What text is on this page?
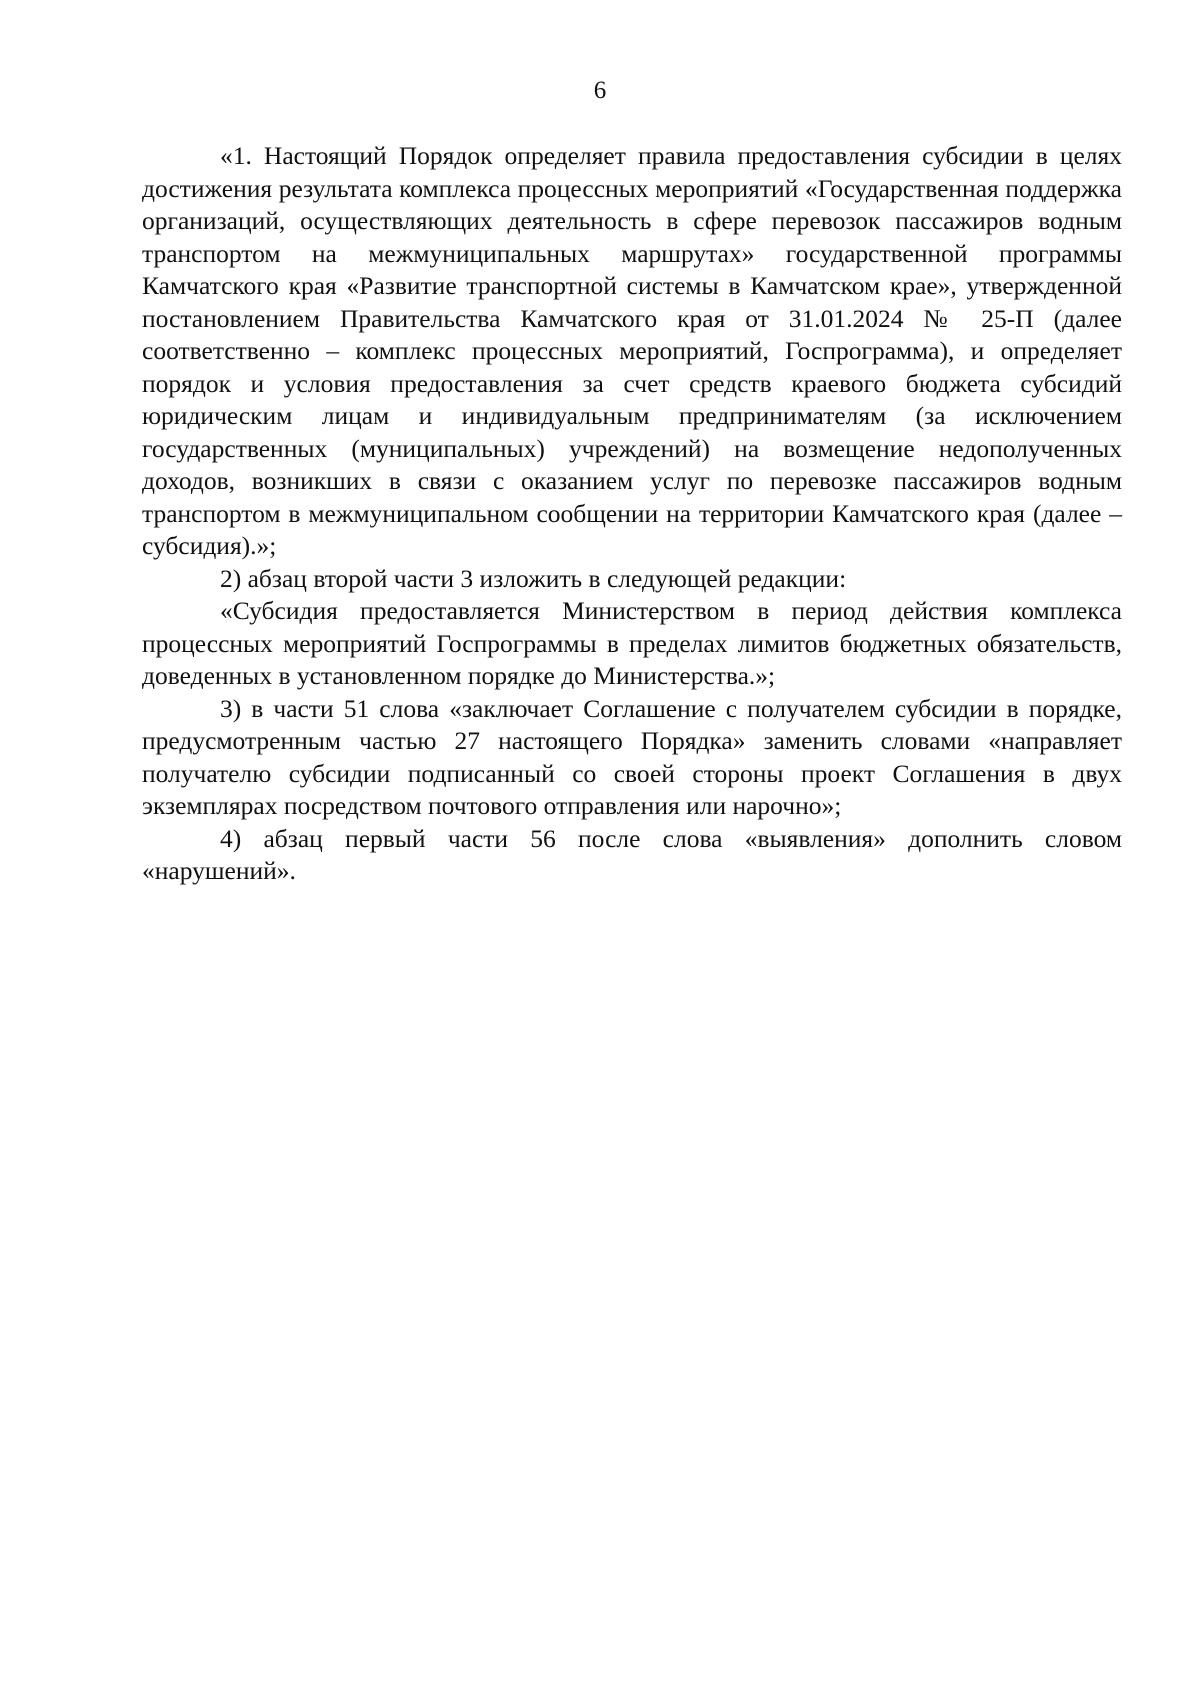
6

«1. Настоящий Порядок определяет правила предоставления субсидии в целях достижения результата комплекса процессных мероприятий «Государственная поддержка организаций, осуществляющих деятельность в сфере перевозок пассажиров водным транспортом на межмуниципальных маршрутах» государственной программы Камчатского края «Развитие транспортной системы в Камчатском крае», утвержденной постановлением Правительства Камчатского края от 31.01.2024 № 25-П (далее соответственно – комплекс процессных мероприятий, Госпрограмма), и определяет порядок и условия предоставления за счет средств краевого бюджета субсидий юридическим лицам и индивидуальным предпринимателям (за исключением государственных (муниципальных) учреждений) на возмещение недополученных доходов, возникших в связи с оказанием услуг по перевозке пассажиров водным транспортом в межмуниципальном сообщении на территории Камчатского края (далее – субсидия).»;

2) абзац второй части 3 изложить в следующей редакции:

«Субсидия предоставляется Министерством в период действия комплекса процессных мероприятий Госпрограммы в пределах лимитов бюджетных обязательств, доведенных в установленном порядке до Министерства.»;

3) в части 51 слова «заключает Соглашение с получателем субсидии в порядке, предусмотренным частью 27 настоящего Порядка» заменить словами «направляет получателю субсидии подписанный со своей стороны проект Соглашения в двух экземплярах посредством почтового отправления или нарочно»;

4) абзац первый части 56 после слова «выявления» дополнить словом «нарушений».
